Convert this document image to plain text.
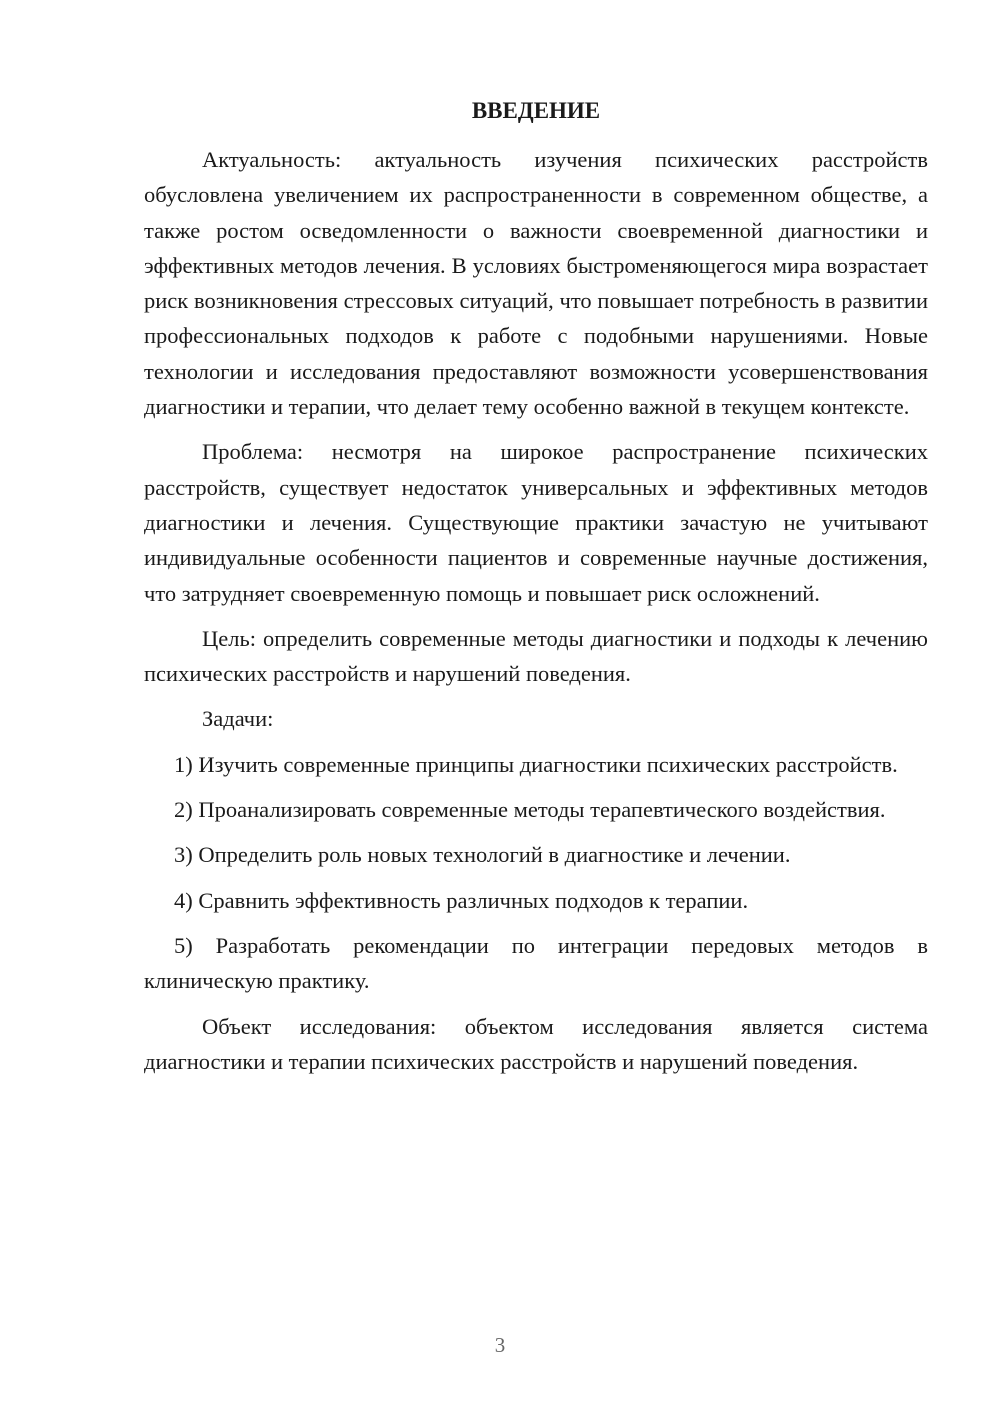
ВВЕДЕНИЕ

Актуальность: актуальность изучения психических расстройств обусловлена увеличением их распространенности в современном обществе, а также ростом осведомленности о важности своевременной диагностики и эффективных методов лечения. В условиях быстроменяющегося мира возрастает риск возникновения стрессовых ситуаций, что повышает потребность в развитии профессиональных подходов к работе с подобными нарушениями. Новые технологии и исследования предоставляют возможности усовершенствования диагностики и терапии, что делает тему особенно важной в текущем контексте.

Проблема: несмотря на широкое распространение психических расстройств, существует недостаток универсальных и эффективных методов диагностики и лечения. Существующие практики зачастую не учитывают индивидуальные особенности пациентов и современные научные достижения, что затрудняет своевременную помощь и повышает риск осложнений.

Цель: определить современные методы диагностики и подходы к лечению психических расстройств и нарушений поведения.

Задачи:

1) Изучить современные принципы диагностики психических расстройств.

2) Проанализировать современные методы терапевтического воздействия.

3) Определить роль новых технологий в диагностике и лечении.

4) Сравнить эффективность различных подходов к терапии.

5) Разработать рекомендации по интеграции передовых методов в клиническую практику.

Объект исследования: объектом исследования является система диагностики и терапии психических расстройств и нарушений поведения.

3
